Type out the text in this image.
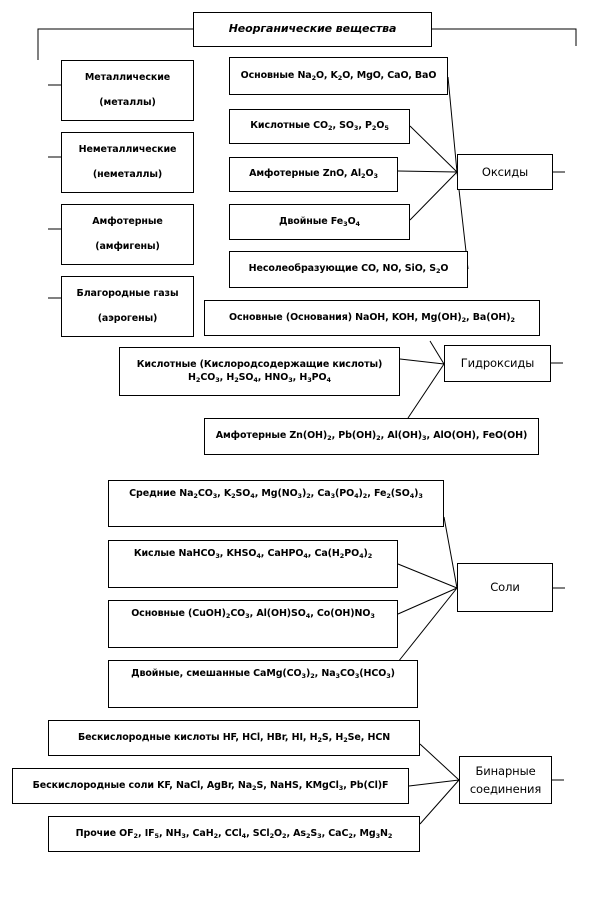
Неорганические вещества
Металлические
(металлы)
Неметаллические
(неметаллы)
Амфотерные
(амфигены)
Благородные газы
(аэрогены)
Основные $Na_2O$, $K_2O$, MgO, CaO, BaO
Кислотные $CO_2$, $SO_3$, $P_2O_5$
Амфотерные ZnO, $Al_2O_3$
Двойные $Fe_3O_4$
Несолеобразующие CO, NO, SiO, $S_2O$
Оксиды
Основные (Основания) NaOH, KOH, $Mg(OH)_2$, $Ba(OH)_2$
Кислотные (Кислородсодержащие кислоты)
$H_2CO_3$, $H_2SO_4$, $HNO_3$, $H_3PO_4$
Амфотерные $Zn(OH)_2$, $Pb(OH)_2$, $Al(OH)_3$, AlO(OH), FeO(OH)
Гидроксиды
Средние $Na_2CO_3$, $K_2SO_4$, $Mg(NO_3)_2$, $Ca_3(PO_4)_2$, $Fe_2(SO_4)_3$
Кислые NaHCO$_3$, $KHSO_4$, CaHPO$_4$, $Ca(H_2PO_4)_2$
Основные $(CuOH)_2CO_3$, $Al(OH)SO_4$, $Co(OH)NO_3$
Двойные, смешанные $CaMg(CO_3)_2$, $Na_3CO_3(HCO_3)$
Соли
Бескислородные кислоты HF, HCl, HBr, HI, $H_2S$, $H_2Se$, HCN
Бескислородные соли KF, NaCl, AgBr, $Na_2S$, NaHS, KMgCl$_3$, Pb(Cl)F
Прочие $OF_2$, $IF_5$, $NH_3$, CaH$_2$, CCl$_4$, $SCl_2O_2$, $As_2S_3$, CaC$_2$, $Mg_3N_2$
Бинарные
соединения
